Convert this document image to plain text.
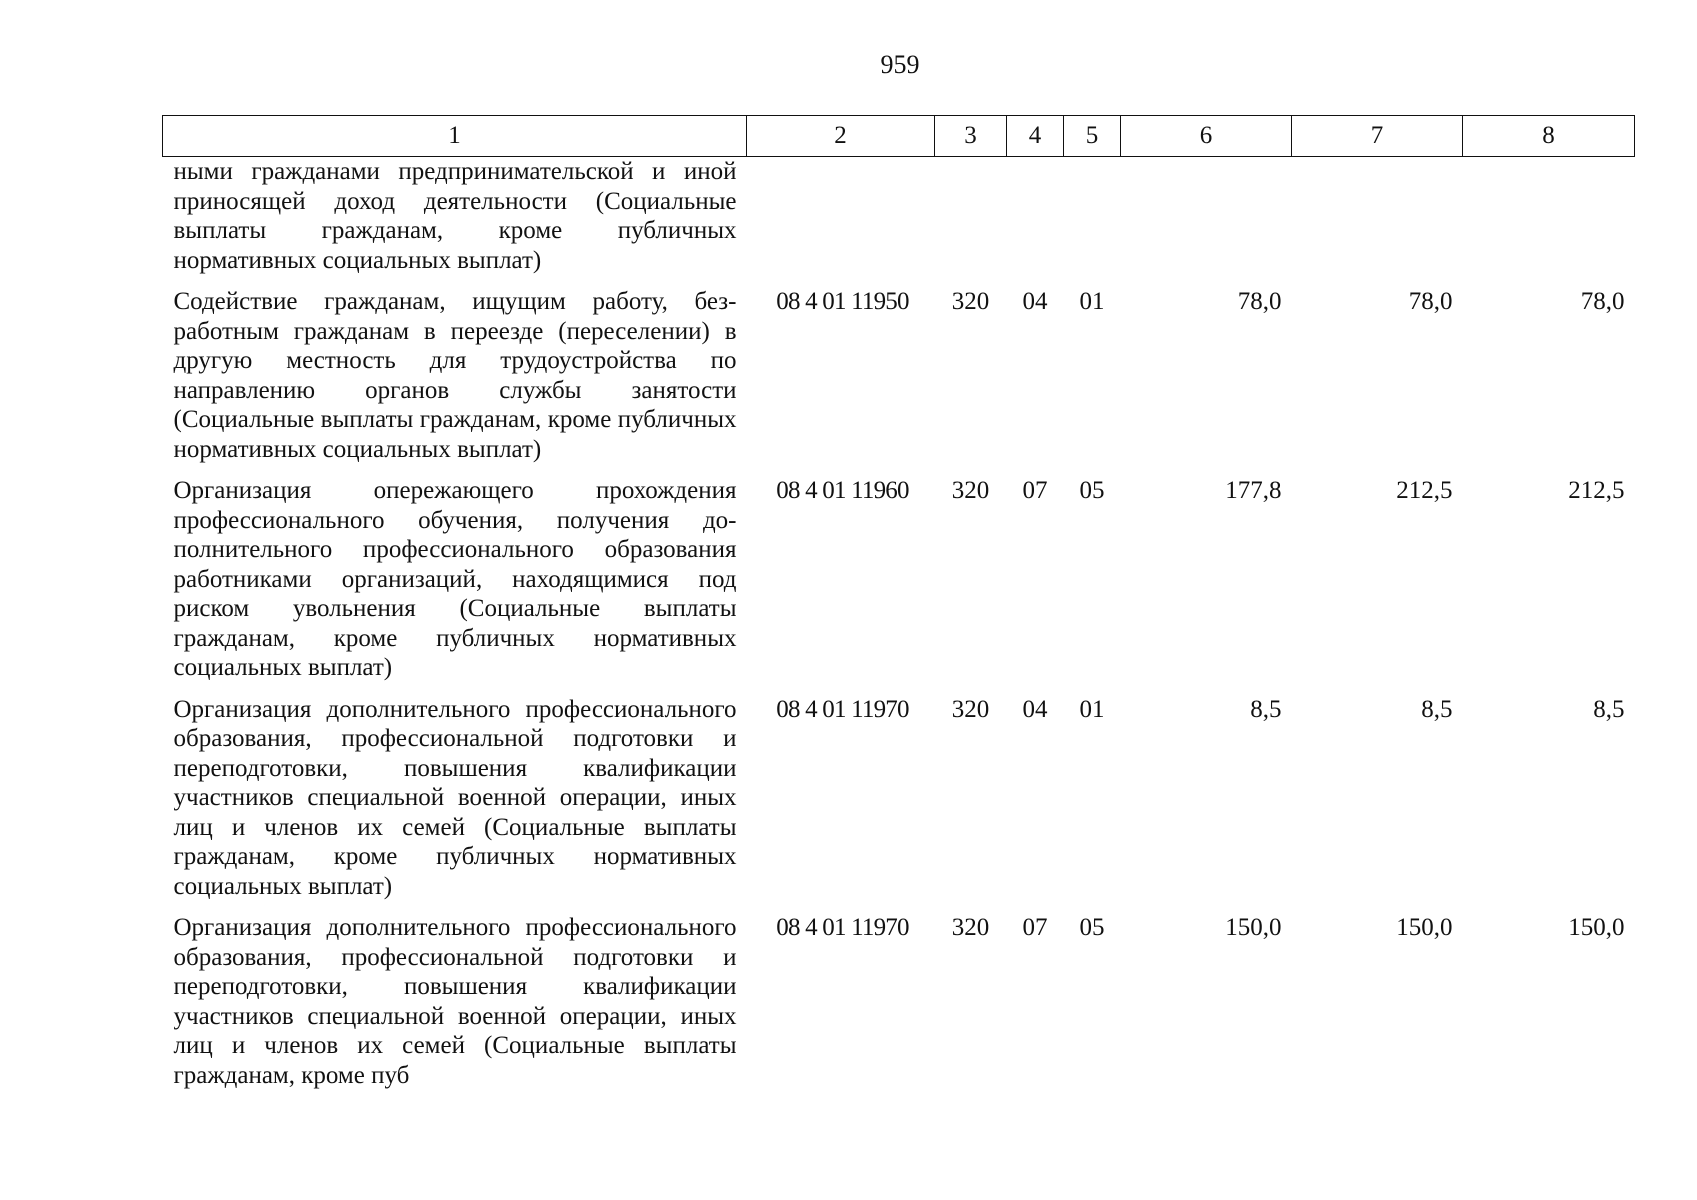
959
1	2	3	4	5	6	7	8
ными гражданами предпринимательской и иной приносящей доход деятельности (Социальные выплаты гражданам, кроме публичных нормативных социальных выплат)							
Содействие гражданам, ищущим работу, безработным гражданам в переезде (переселении) в другую местность для трудоустройства по направлению органов службы занятости (Социальные выплаты гражданам, кроме публичных нормативных социальных выплат)	08 4 01 11950	320	04	01	78,0	78,0	78,0
Организация опережающего прохождения профессионального обучения, получения дополнительного профессионального образования работниками организаций, находящимися под риском увольнения (Социальные выплаты гражданам, кроме публичных нормативных социальных выплат)	08 4 01 11960	320	07	05	177,8	212,5	212,5
Организация дополнительного профессионального образования, профессиональной подготовки и переподготовки, повышения квалификации участников специальной военной операции, иных лиц и членов их семей (Социальные выплаты гражданам, кроме публичных нормативных социальных выплат)	08 4 01 11970	320	04	01	8,5	8,5	8,5
Организация дополнительного профессионального образования, профессиональной подготовки и переподготовки, повышения квалификации участников специальной военной операции, иных лиц и членов их семей (Социальные выплаты гражданам, кроме пуб	08 4 01 11970	320	07	05	150,0	150,0	150,0
